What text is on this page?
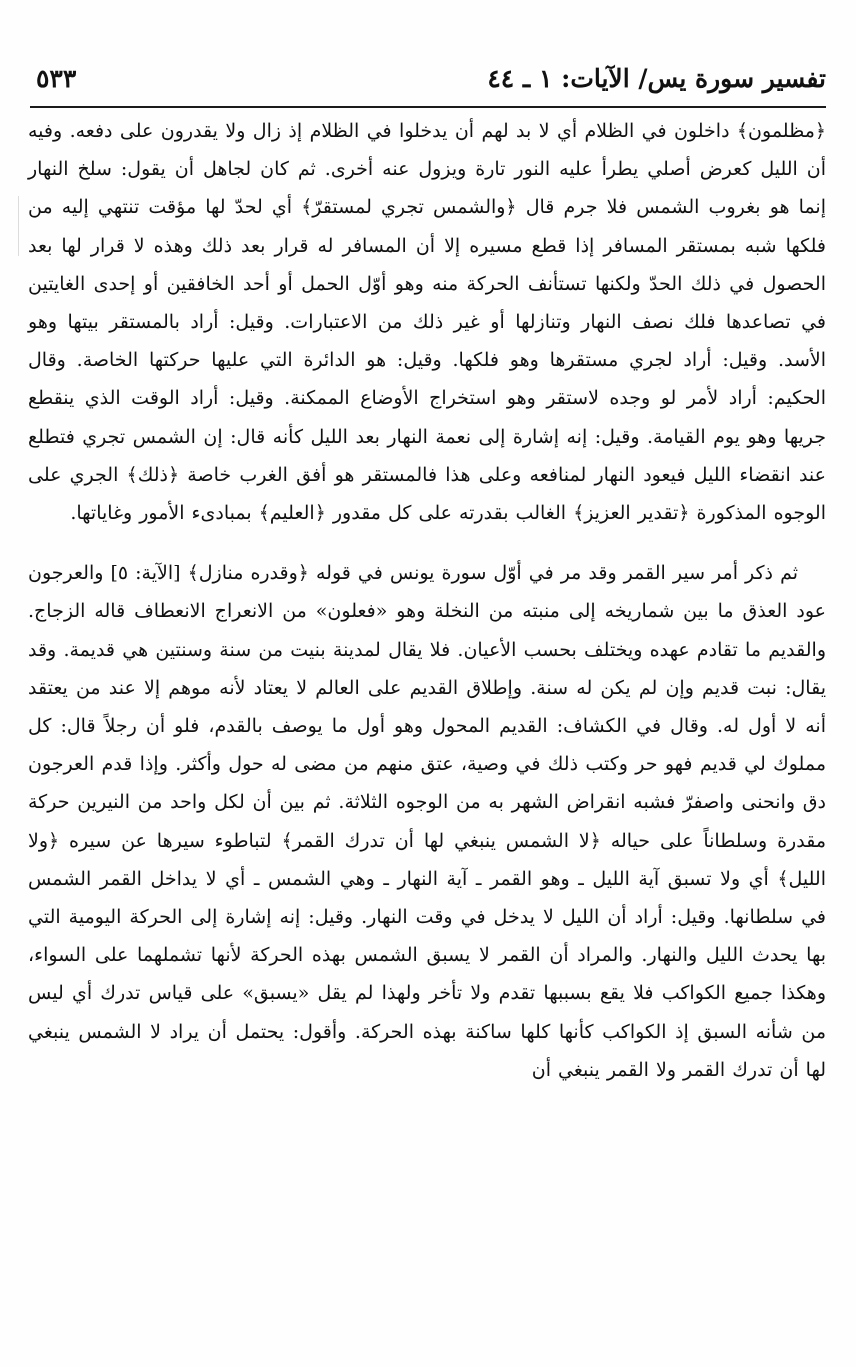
تفسير سورة يس/ الآيات: ١ ـ ٤٤
٥٣٣

﴿مظلمون﴾ داخلون في الظلام أي لا بد لهم أن يدخلوا في الظلام إذ زال ولا يقدرون على دفعه. وفيه أن الليل كعرض أصلي يطرأ عليه النور تارة ويزول عنه أخرى. ثم كان لجاهل أن يقول: سلخ النهار إنما هو بغروب الشمس فلا جرم قال ﴿والشمس تجري لمستقرّ﴾ أي لحدّ لها مؤقت تنتهي إليه من فلكها شبه بمستقر المسافر إذا قطع مسيره إلا أن المسافر له قرار بعد ذلك وهذه لا قرار لها بعد الحصول في ذلك الحدّ ولكنها تستأنف الحركة منه وهو أوّل الحمل أو أحد الخافقين أو إحدى الغايتين في تصاعدها فلك نصف النهار وتنازلها أو غير ذلك من الاعتبارات. وقيل: أراد بالمستقر بيتها وهو الأسد. وقيل: أراد لجري مستقرها وهو فلكها. وقيل: هو الدائرة التي عليها حركتها الخاصة. وقال الحكيم: أراد لأمر لو وجده لاستقر وهو استخراج الأوضاع الممكنة. وقيل: أراد الوقت الذي ينقطع جريها وهو يوم القيامة. وقيل: إنه إشارة إلى نعمة النهار بعد الليل كأنه قال: إن الشمس تجري فتطلع عند انقضاء الليل فيعود النهار لمنافعه وعلى هذا فالمستقر هو أفق الغرب خاصة ﴿ذلك﴾ الجري على الوجوه المذكورة ﴿تقدير العزيز﴾ الغالب بقدرته على كل مقدور ﴿العليم﴾ بمبادىء الأمور وغاياتها.

ثم ذكر أمر سير القمر وقد مر في أوّل سورة يونس في قوله ﴿وقدره منازل﴾ [الآية: ٥] والعرجون عود العذق ما بين شماريخه إلى منبته من النخلة وهو «فعلون» من الانعراج الانعطاف قاله الزجاج. والقديم ما تقادم عهده ويختلف بحسب الأعيان. فلا يقال لمدينة بنيت من سنة وسنتين هي قديمة. وقد يقال: نبت قديم وإن لم يكن له سنة. وإطلاق القديم على العالم لا يعتاد لأنه موهم إلا عند من يعتقد أنه لا أول له. وقال في الكشاف: القديم المحول وهو أول ما يوصف بالقدم، فلو أن رجلاً قال: كل مملوك لي قديم فهو حر وكتب ذلك في وصية، عتق منهم من مضى له حول وأكثر. وإذا قدم العرجون دق وانحنى واصفرّ فشبه انقراض الشهر به من الوجوه الثلاثة. ثم بين أن لكل واحد من النيرين حركة مقدرة وسلطاناً على حياله ﴿لا الشمس ينبغي لها أن تدرك القمر﴾ لتباطوء سيرها عن سيره ﴿ولا الليل﴾ أي ولا تسبق آية الليل ـ وهو القمر ـ آية النهار ـ وهي الشمس ـ أي لا يداخل القمر الشمس في سلطانها. وقيل: أراد أن الليل لا يدخل في وقت النهار. وقيل: إنه إشارة إلى الحركة اليومية التي بها يحدث الليل والنهار. والمراد أن القمر لا يسبق الشمس بهذه الحركة لأنها تشملهما على السواء، وهكذا جميع الكواكب فلا يقع بسببها تقدم ولا تأخر ولهذا لم يقل «يسبق» على قياس تدرك أي ليس من شأنه السبق إذ الكواكب كأنها كلها ساكنة بهذه الحركة. وأقول: يحتمل أن يراد لا الشمس ينبغي لها أن تدرك القمر ولا القمر ينبغي أن
